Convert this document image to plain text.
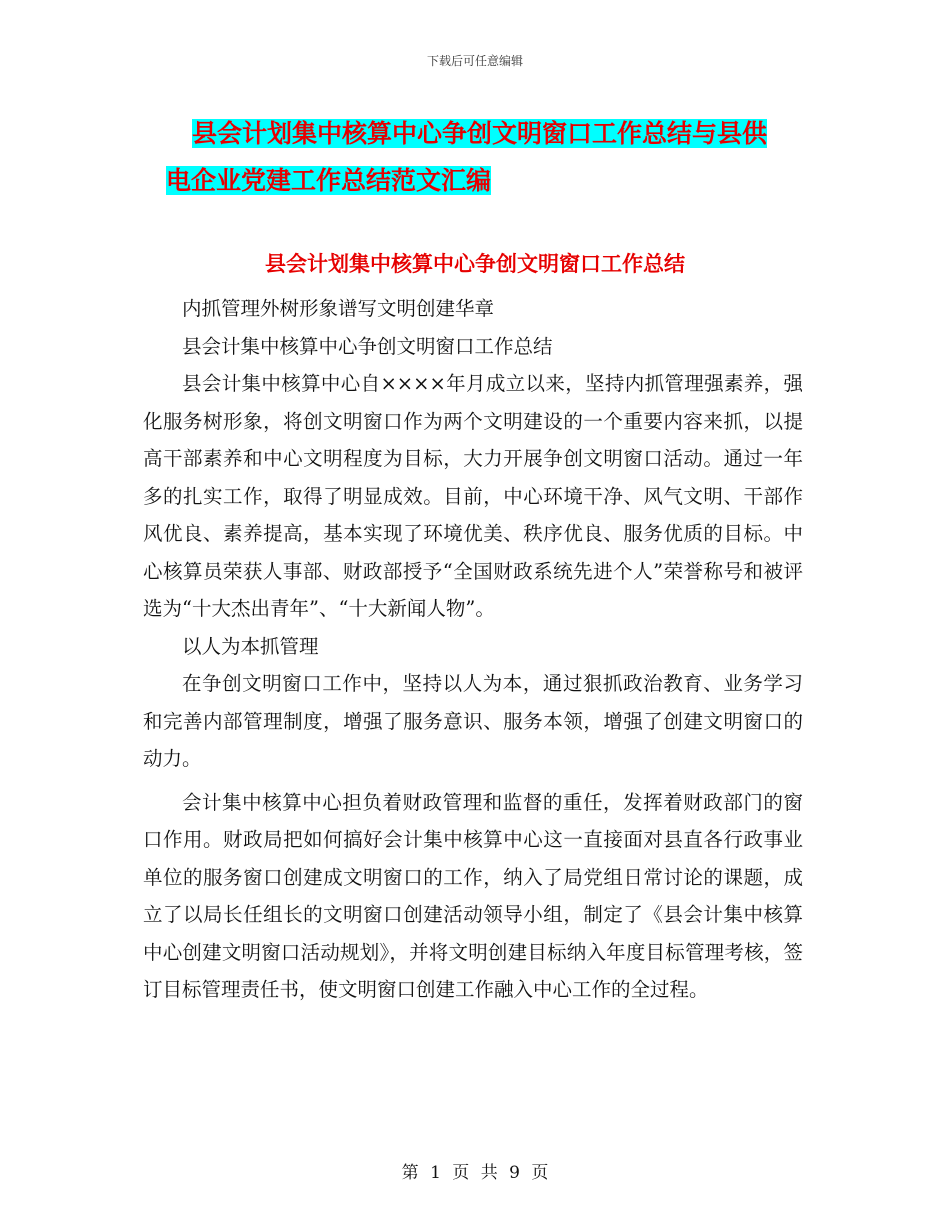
下载后可任意编辑
县会计划集中核算中心争创文明窗口工作总结与县供
电企业党建工作总结范文汇编
县会计划集中核算中心争创文明窗口工作总结

内抓管理外树形象谱写文明创建华章

县会计集中核算中心争创文明窗口工作总结

县会计集中核算中心自××××年月成立以来，坚持内抓管理强素养，强化服务树形象，将创文明窗口作为两个文明建设的一个重要内容来抓，以提高干部素养和中心文明程度为目标，大力开展争创文明窗口活动。通过一年多的扎实工作，取得了明显成效。目前，中心环境干净、风气文明、干部作风优良、素养提高，基本实现了环境优美、秩序优良、服务优质的目标。中心核算员荣获人事部、财政部授予“全国财政系统先进个人”荣誉称号和被评选为“十大杰出青年”、“十大新闻人物”。

以人为本抓管理

在争创文明窗口工作中，坚持以人为本，通过狠抓政治教育、业务学习和完善内部管理制度，增强了服务意识、服务本领，增强了创建文明窗口的动力。

会计集中核算中心担负着财政管理和监督的重任，发挥着财政部门的窗口作用。财政局把如何搞好会计集中核算中心这一直接面对县直各行政事业单位的服务窗口创建成文明窗口的工作，纳入了局党组日常讨论的课题，成立了以局长任组长的文明窗口创建活动领导小组，制定了《县会计集中核算中心创建文明窗口活动规划》，并将文明创建目标纳入年度目标管理考核，签订目标管理责任书，使文明窗口创建工作融入中心工作的全过程。

第 1 页 共 9 页
